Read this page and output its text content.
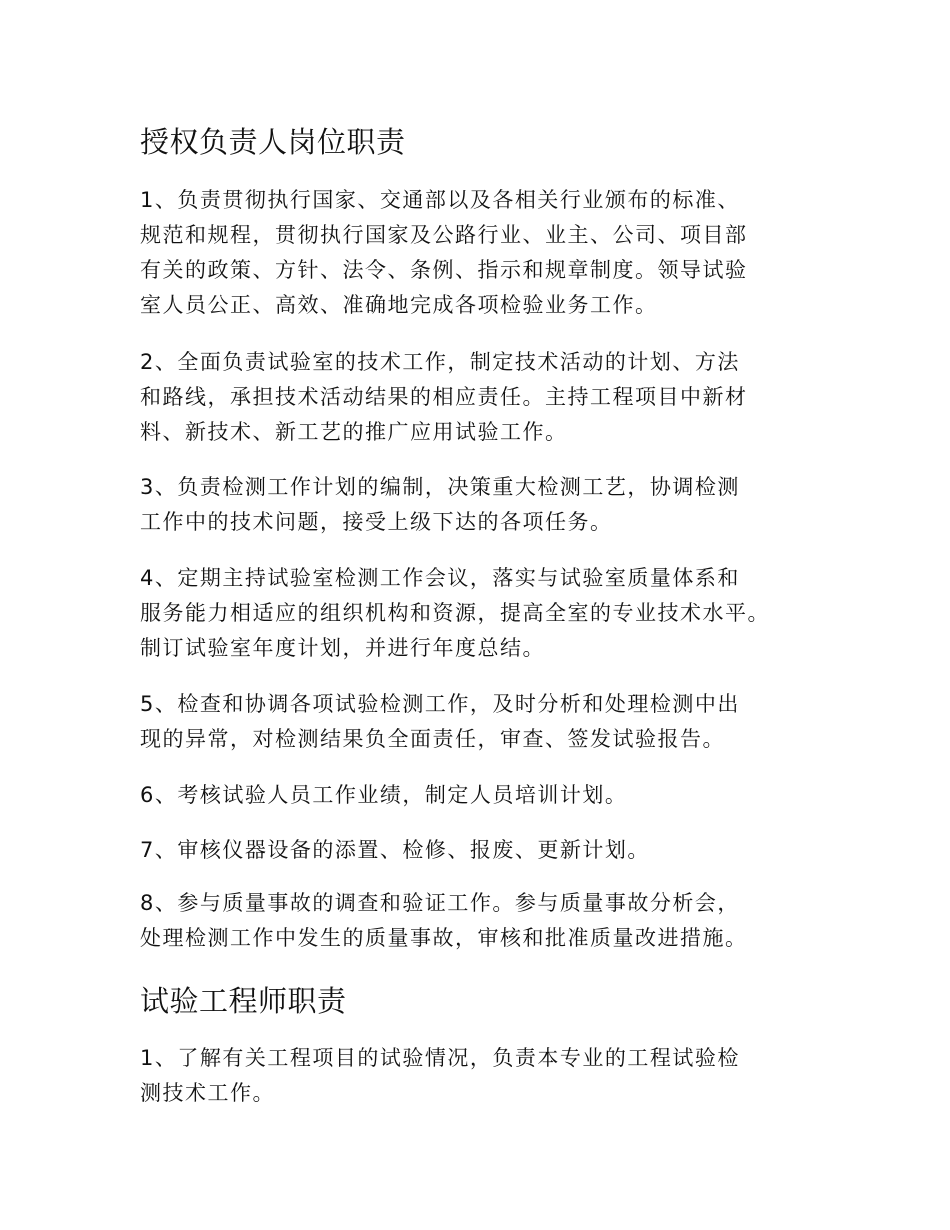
授权负责人岗位职责
1、负责贯彻执行国家、交通部以及各相关行业颁布的标准、
规范和规程，贯彻执行国家及公路行业、业主、公司、项目部
有关的政策、方针、法令、条例、指示和规章制度。领导试验
室人员公正、高效、准确地完成各项检验业务工作。
2、全面负责试验室的技术工作，制定技术活动的计划、方法
和路线，承担技术活动结果的相应责任。主持工程项目中新材
料、新技术、新工艺的推广应用试验工作。
3、负责检测工作计划的编制，决策重大检测工艺，协调检测
工作中的技术问题，接受上级下达的各项任务。
4、定期主持试验室检测工作会议，落实与试验室质量体系和
服务能力相适应的组织机构和资源，提高全室的专业技术水平。
制订试验室年度计划，并进行年度总结。
5、检查和协调各项试验检测工作，及时分析和处理检测中出
现的异常，对检测结果负全面责任，审查、签发试验报告。
6、考核试验人员工作业绩，制定人员培训计划。
7、审核仪器设备的添置、检修、报废、更新计划。
8、参与质量事故的调查和验证工作。参与质量事故分析会，
处理检测工作中发生的质量事故，审核和批准质量改进措施。
试验工程师职责
1、了解有关工程项目的试验情况，负责本专业的工程试验检
测技术工作。
